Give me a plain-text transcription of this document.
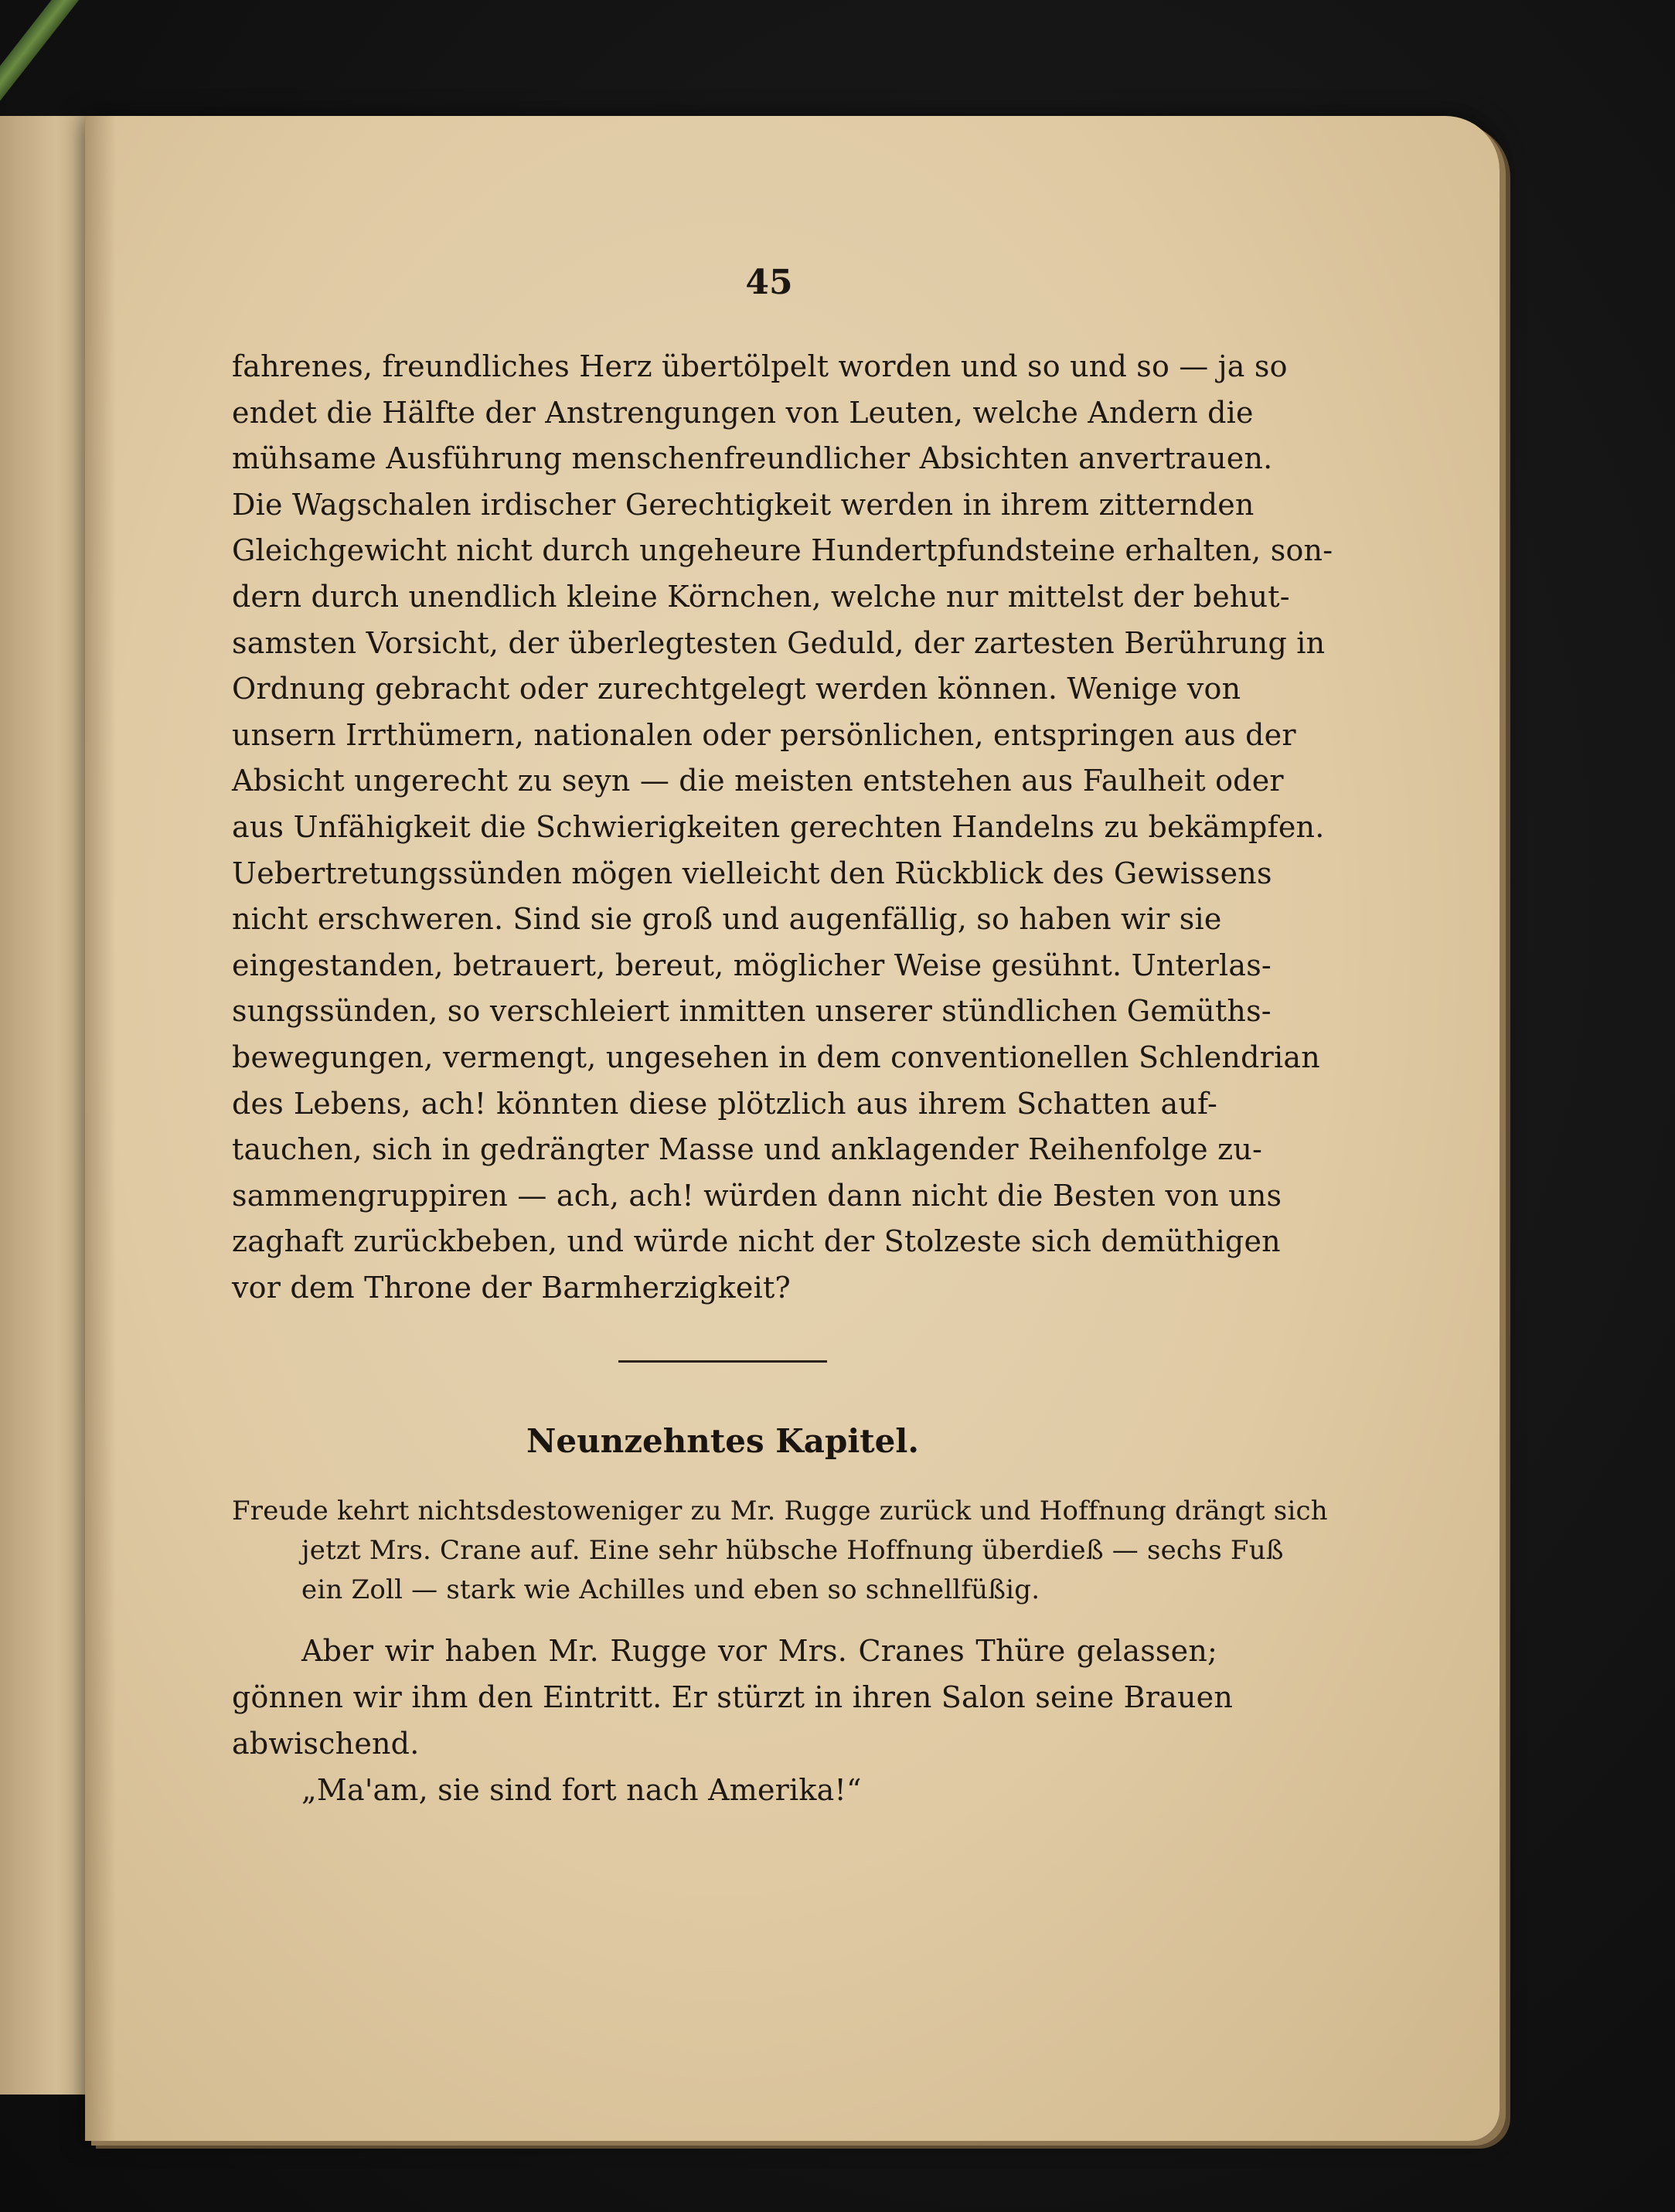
45
fahrenes, freundliches Herz übertölpelt worden und so und so — ja so
endet die Hälfte der Anstrengungen von Leuten, welche Andern die
mühsame Ausführung menschenfreundlicher Absichten anvertrauen.
Die Wagschalen irdischer Gerechtigkeit werden in ihrem zitternden
Gleichgewicht nicht durch ungeheure Hundertpfundsteine erhalten, son-
dern durch unendlich kleine Körnchen, welche nur mittelst der behut-
samsten Vorsicht, der überlegtesten Geduld, der zartesten Berührung in
Ordnung gebracht oder zurechtgelegt werden können. Wenige von
unsern Irrthümern, nationalen oder persönlichen, entspringen aus der
Absicht ungerecht zu seyn — die meisten entstehen aus Faulheit oder
aus Unfähigkeit die Schwierigkeiten gerechten Handelns zu bekämpfen.
Uebertretungssünden mögen vielleicht den Rückblick des Gewissens
nicht erschweren. Sind sie groß und augenfällig, so haben wir sie
eingestanden, betrauert, bereut, möglicher Weise gesühnt. Unterlas-
sungssünden, so verschleiert inmitten unserer stündlichen Gemüths-
bewegungen, vermengt, ungesehen in dem conventionellen Schlendrian
des Lebens, ach! könnten diese plötzlich aus ihrem Schatten auf-
tauchen, sich in gedrängter Masse und anklagender Reihenfolge zu-
sammengruppiren — ach, ach! würden dann nicht die Besten von uns
zaghaft zurückbeben, und würde nicht der Stolzeste sich demüthigen
vor dem Throne der Barmherzigkeit?
Neunzehntes Kapitel.
Freude kehrt nichtsdestoweniger zu Mr. Rugge zurück und Hoffnung drängt sich
jetzt Mrs. Crane auf. Eine sehr hübsche Hoffnung überdieß — sechs Fuß
ein Zoll — stark wie Achilles und eben so schnellfüßig.
Aber wir haben Mr. Rugge vor Mrs. Cranes Thüre gelassen;
gönnen wir ihm den Eintritt. Er stürzt in ihren Salon seine Brauen
abwischend.
„Ma'am, sie sind fort nach Amerika!“
